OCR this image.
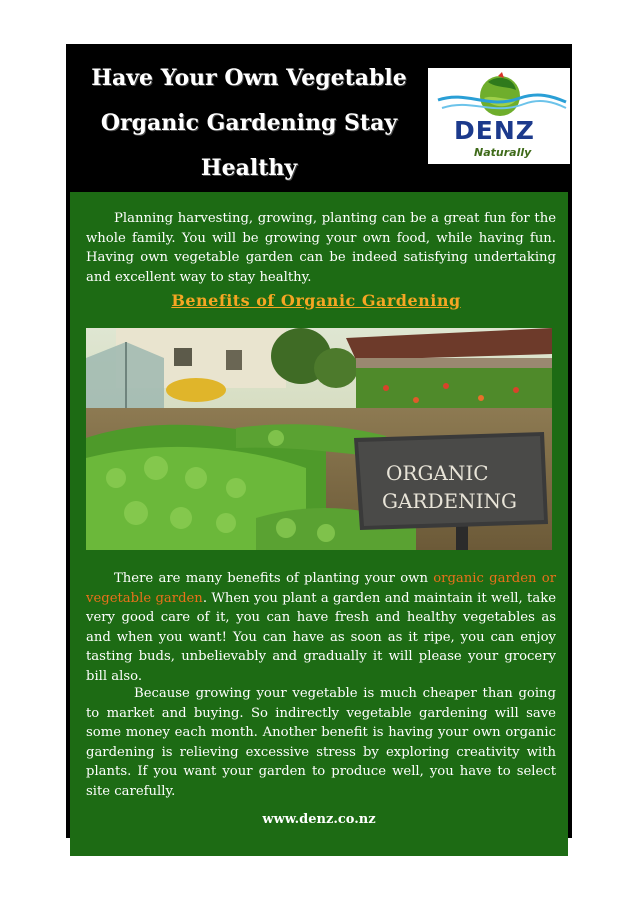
Have Your Own Vegetable
Organic Gardening Stay
Healthy
DENZ
Naturally
Planning harvesting, growing, planting can be a great fun for the whole family. You will be growing your own food, while having fun. Having own vegetable garden can be indeed satisfying undertaking and excellent way to stay healthy.
Benefits of Organic Gardening
ORGANIC
GARDENING
There are many benefits of planting your own organic garden or vegetable garden. When you plant a garden and maintain it well, take very good care of it, you can have fresh and healthy vegetables as and when you want! You can have as soon as it ripe, you can enjoy tasting buds, unbelievably and gradually it will please your grocery bill also.
Because growing your vegetable is much cheaper than going to market and buying. So indirectly vegetable gardening will save some money each month. Another benefit is having your own organic gardening is relieving excessive stress by exploring creativity with plants. If you want your garden to produce well, you have to select site carefully.
www.denz.co.nz
